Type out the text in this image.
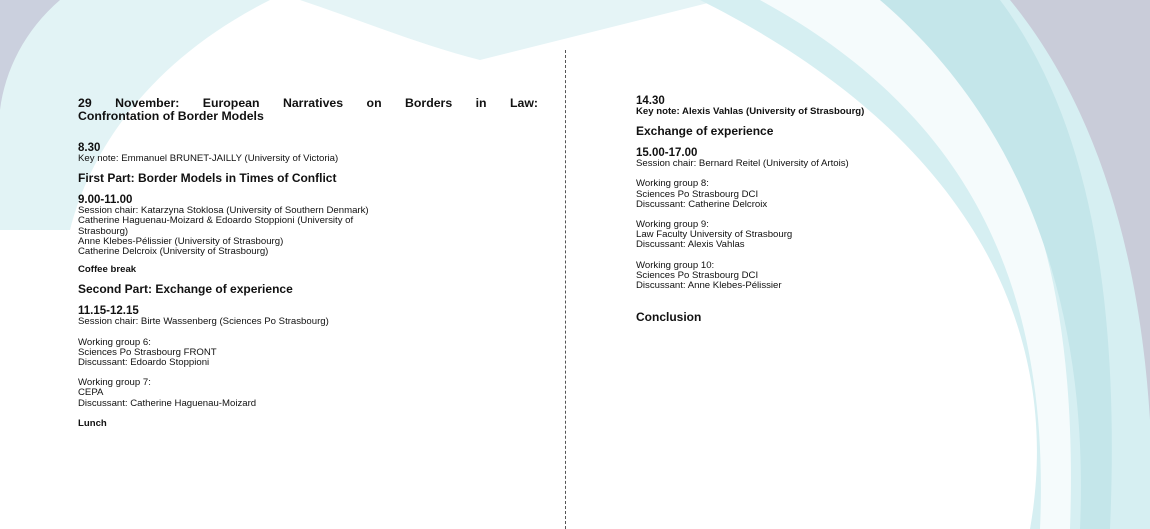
29 November: European Narratives on Borders in Law:
Confrontation of Border Models

8.30

Key note: Emmanuel BRUNET-JAILLY (University of Victoria)

First Part: Border Models in Times of Conflict

9.00-11.00

Session chair: Katarzyna Stoklosa (University of Southern Denmark)

Catherine Haguenau-Moizard & Edoardo Stoppioni (University of

Strasbourg)

Anne Klebes-Pélissier (University of Strasbourg)

Catherine Delcroix (University of Strasbourg)

Coffee break

Second Part: Exchange of experience

11.15-12.15

Session chair: Birte Wassenberg (Sciences Po Strasbourg)

Working group 6:

Sciences Po Strasbourg FRONT

Discussant: Edoardo Stoppioni

Working group 7:

CEPA

Discussant: Catherine Haguenau-Moizard

Lunch

14.30

Key note: Alexis Vahlas (University of Strasbourg)

Exchange of experience

15.00-17.00

Session chair: Bernard Reitel (University of Artois)

Working group 8:

Sciences Po Strasbourg DCI

Discussant: Catherine Delcroix

Working group 9:

Law Faculty University of Strasbourg

Discussant: Alexis Vahlas

Working group 10:

Sciences Po Strasbourg DCI

Discussant: Anne Klebes-Pélissier

Conclusion
